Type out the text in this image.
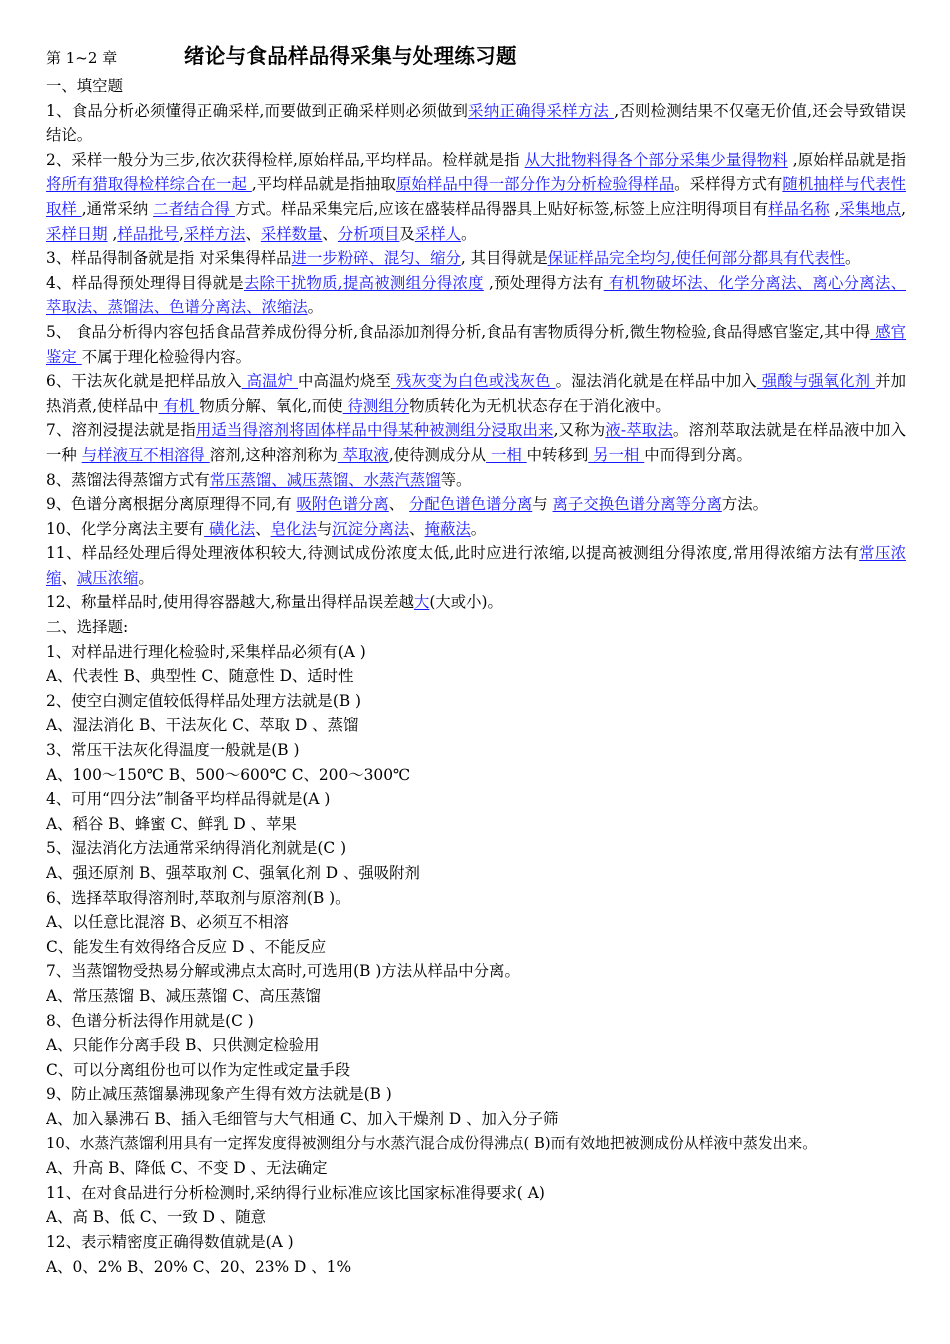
第 1~2 章	绪论与食品样品得采集与处理练习题
一、填空题
1、食品分析必须懂得正确采样,而要做到正确采样则必须做到采纳正确得采样方法 ,否则检测结果不仅毫无价值,还会导致错误结论。
2、采样一般分为三步,依次获得检样,原始样品,平均样品。检样就是指 从大批物料得各个部分采集少量得物料 ,原始样品就是指 将所有猎取得检样综合在一起 ,平均样品就是指抽取原始样品中得一部分作为分析检验得样品。采样得方式有随机抽样与代表性取样 ,通常采纳 二者结合得 方式。样品采集完后,应该在盛装样品得器具上贴好标签,标签上应注明得项目有样品名称 ,采集地点,采样日期 ,样品批号,采样方法、采样数量、分析项目及采样人。
3、样品得制备就是指 对采集得样品进一步粉碎、混匀、缩分, 其目得就是保证样品完全均匀,使任何部分都具有代表性。
4、样品得预处理得目得就是去除干扰物质,提高被测组分得浓度 ,预处理得方法有 有机物破坏法、化学分离法、离心分离法、萃取法、蒸馏法、色谱分离法、浓缩法。
5、 食品分析得内容包括食品营养成份得分析,食品添加剂得分析,食品有害物质得分析,微生物检验,食品得感官鉴定,其中得 感官鉴定 不属于理化检验得内容。
6、干法灰化就是把样品放入 高温炉 中高温灼烧至 残灰变为白色或浅灰色 。湿法消化就是在样品中加入 强酸与强氧化剂 并加热消煮,使样品中 有机 物质分解、氧化,而使 待测组分物质转化为无机状态存在于消化液中。
7、溶剂浸提法就是指用适当得溶剂将固体样品中得某种被测组分浸取出来,又称为液-萃取法。溶剂萃取法就是在样品液中加入一种 与样液互不相溶得 溶剂,这种溶剂称为 萃取液,使待测成分从 一相 中转移到 另一相 中而得到分离。
8、蒸馏法得蒸馏方式有常压蒸馏、减压蒸馏、水蒸汽蒸馏等。
9、色谱分离根据分离原理得不同,有 吸附色谱分离、 分配色谱色谱分离与 离子交换色谱分离等分离方法。
10、化学分离法主要有 磺化法、皂化法与沉淀分离法、掩蔽法。
11、样品经处理后得处理液体积较大,待测试成份浓度太低,此时应进行浓缩,以提高被测组分得浓度,常用得浓缩方法有常压浓缩、减压浓缩。
12、称量样品时,使用得容器越大,称量出得样品误差越大(大或小)。
二、选择题:
1、对样品进行理化检验时,采集样品必须有(A )
A、代表性 B、典型性 C、随意性 D、适时性
2、使空白测定值较低得样品处理方法就是(B )
A、湿法消化 B、干法灰化 C、萃取 D 、蒸馏
3、常压干法灰化得温度一般就是(B )
A、100～150℃ B、500～600℃ C、200～300℃
4、可用“四分法”制备平均样品得就是(A )
A、稻谷 B、蜂蜜 C、鲜乳 D 、苹果
5、湿法消化方法通常采纳得消化剂就是(C )
A、强还原剂 B、强萃取剂 C、强氧化剂 D 、强吸附剂
6、选择萃取得溶剂时,萃取剂与原溶剂(B )。
A、以任意比混溶 B、必须互不相溶
C、能发生有效得络合反应 D 、不能反应
7、当蒸馏物受热易分解或沸点太高时,可选用(B )方法从样品中分离。
A、常压蒸馏 B、减压蒸馏 C、高压蒸馏
8、色谱分析法得作用就是(C )
A、只能作分离手段 B、只供测定检验用
C、可以分离组份也可以作为定性或定量手段
9、防止减压蒸馏暴沸现象产生得有效方法就是(B )
A、加入暴沸石 B、插入毛细管与大气相通 C、加入干燥剂 D 、加入分子筛
10、水蒸汽蒸馏利用具有一定挥发度得被测组分与水蒸汽混合成份得沸点( B)而有效地把被测成份从样液中蒸发出来。
A、升高 B、降低 C、不变 D 、无法确定
11、在对食品进行分析检测时,采纳得行业标准应该比国家标准得要求( A)
A、高 B、低 C、一致 D 、随意
12、表示精密度正确得数值就是(A )
A、0、2% B、20% C、20、23% D 、1%
